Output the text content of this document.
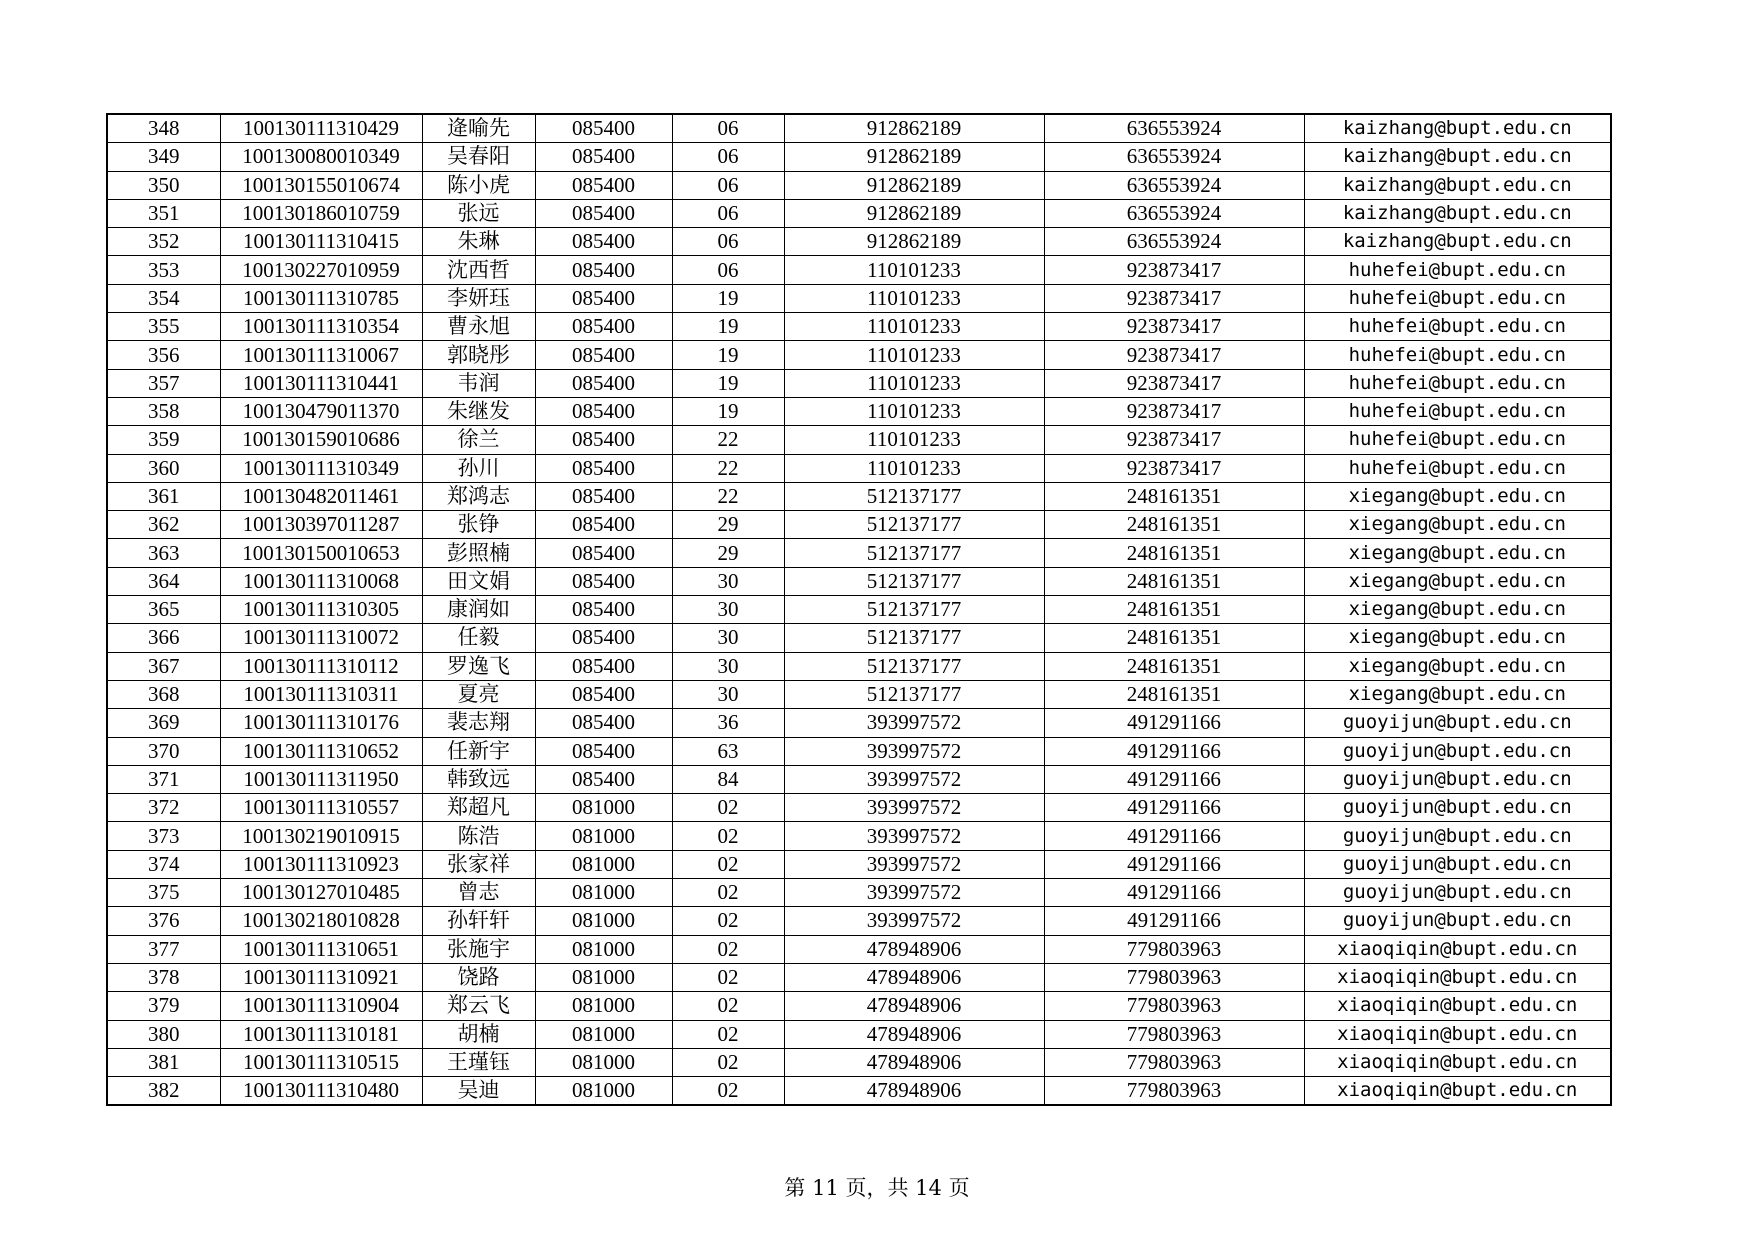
348	100130111310429	逄喻先	085400	06	912862189	636553924	kaizhang@bupt.edu.cn
349	100130080010349	吴春阳	085400	06	912862189	636553924	kaizhang@bupt.edu.cn
350	100130155010674	陈小虎	085400	06	912862189	636553924	kaizhang@bupt.edu.cn
351	100130186010759	张远	085400	06	912862189	636553924	kaizhang@bupt.edu.cn
352	100130111310415	朱琳	085400	06	912862189	636553924	kaizhang@bupt.edu.cn
353	100130227010959	沈西哲	085400	06	110101233	923873417	huhefei@bupt.edu.cn
354	100130111310785	李妍珏	085400	19	110101233	923873417	huhefei@bupt.edu.cn
355	100130111310354	曹永旭	085400	19	110101233	923873417	huhefei@bupt.edu.cn
356	100130111310067	郭晓彤	085400	19	110101233	923873417	huhefei@bupt.edu.cn
357	100130111310441	韦润	085400	19	110101233	923873417	huhefei@bupt.edu.cn
358	100130479011370	朱继发	085400	19	110101233	923873417	huhefei@bupt.edu.cn
359	100130159010686	徐兰	085400	22	110101233	923873417	huhefei@bupt.edu.cn
360	100130111310349	孙川	085400	22	110101233	923873417	huhefei@bupt.edu.cn
361	100130482011461	郑鸿志	085400	22	512137177	248161351	xiegang@bupt.edu.cn
362	100130397011287	张铮	085400	29	512137177	248161351	xiegang@bupt.edu.cn
363	100130150010653	彭照楠	085400	29	512137177	248161351	xiegang@bupt.edu.cn
364	100130111310068	田文娟	085400	30	512137177	248161351	xiegang@bupt.edu.cn
365	100130111310305	康润如	085400	30	512137177	248161351	xiegang@bupt.edu.cn
366	100130111310072	任毅	085400	30	512137177	248161351	xiegang@bupt.edu.cn
367	100130111310112	罗逸飞	085400	30	512137177	248161351	xiegang@bupt.edu.cn
368	100130111310311	夏亮	085400	30	512137177	248161351	xiegang@bupt.edu.cn
369	100130111310176	裴志翔	085400	36	393997572	491291166	guoyijun@bupt.edu.cn
370	100130111310652	任新宇	085400	63	393997572	491291166	guoyijun@bupt.edu.cn
371	100130111311950	韩致远	085400	84	393997572	491291166	guoyijun@bupt.edu.cn
372	100130111310557	郑超凡	081000	02	393997572	491291166	guoyijun@bupt.edu.cn
373	100130219010915	陈浩	081000	02	393997572	491291166	guoyijun@bupt.edu.cn
374	100130111310923	张家祥	081000	02	393997572	491291166	guoyijun@bupt.edu.cn
375	100130127010485	曾志	081000	02	393997572	491291166	guoyijun@bupt.edu.cn
376	100130218010828	孙轩轩	081000	02	393997572	491291166	guoyijun@bupt.edu.cn
377	100130111310651	张施宇	081000	02	478948906	779803963	xiaoqiqin@bupt.edu.cn
378	100130111310921	饶路	081000	02	478948906	779803963	xiaoqiqin@bupt.edu.cn
379	100130111310904	郑云飞	081000	02	478948906	779803963	xiaoqiqin@bupt.edu.cn
380	100130111310181	胡楠	081000	02	478948906	779803963	xiaoqiqin@bupt.edu.cn
381	100130111310515	王瑾钰	081000	02	478948906	779803963	xiaoqiqin@bupt.edu.cn
382	100130111310480	吴迪	081000	02	478948906	779803963	xiaoqiqin@bupt.edu.cn
第 11 页，共 14 页
